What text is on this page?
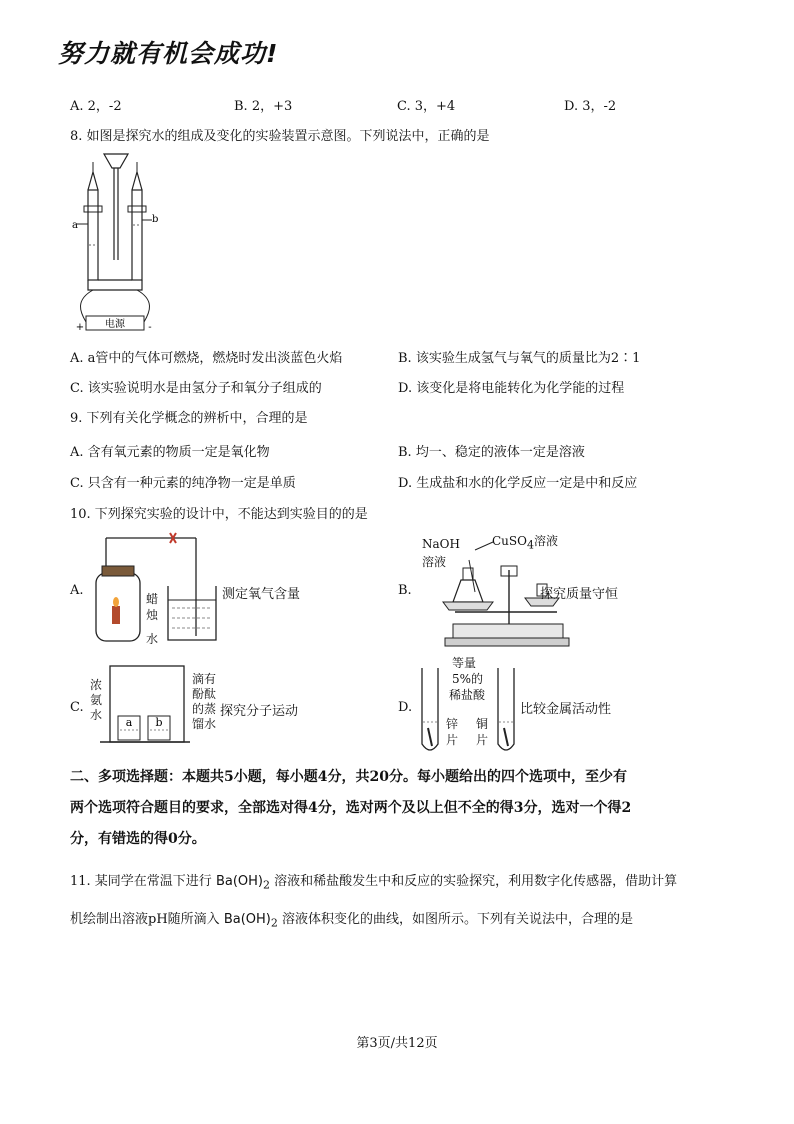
努力就有机会成功!
A. 2，-2	B. 2，+3	C. 3，+4	D. 3，-2
8. 如图是探究水的组成及变化的实验装置示意图。下列说法中，正确的是
电源
+	-
a
b
A. a管中的气体可燃烧，燃烧时发出淡蓝色火焰	B. 该实验生成氢气与氧气的质量比为2∶1
C. 该实验说明水是由氢分子和氧分子组成的	D. 该变化是将电能转化为化学能的过程
9. 下列有关化学概念的辨析中，合理的是
A. 含有氧元素的物质一定是氧化物	B. 均一、稳定的液体一定是溶液
C. 只含有一种元素的纯净物一定是单质	D. 生成盐和水的化学反应一定是中和反应
10. 下列探究实验的设计中，不能达到实验目的的是
A.
蜡
烛
水
测定氧气含量	B.
NaOH
溶液
CuSO$_4$溶液
探究质量守恒
C.
浓氨水
a b
滴有酚酞的蒸馏水
探究分子运动	D.
等量
5%的
稀盐酸
锌片
铜片
比较金属活动性
二、多项选择题：本题共5小题，每小题4分，共20分。每小题给出的四个选项中，至少有
两个选项符合题目的要求，全部选对得4分，选对两个及以上但不全的得3分，选对一个得2
分，有错选的得0分。
11. 某同学在常温下进行 $Ba(OH)_2$ 溶液和稀盐酸发生中和反应的实验探究，利用数字化传感器，借助计算
机绘制出溶液pH随所滴入 $Ba(OH)_2$ 溶液体积变化的曲线，如图所示。下列有关说法中，合理的是
第3页/共12页
